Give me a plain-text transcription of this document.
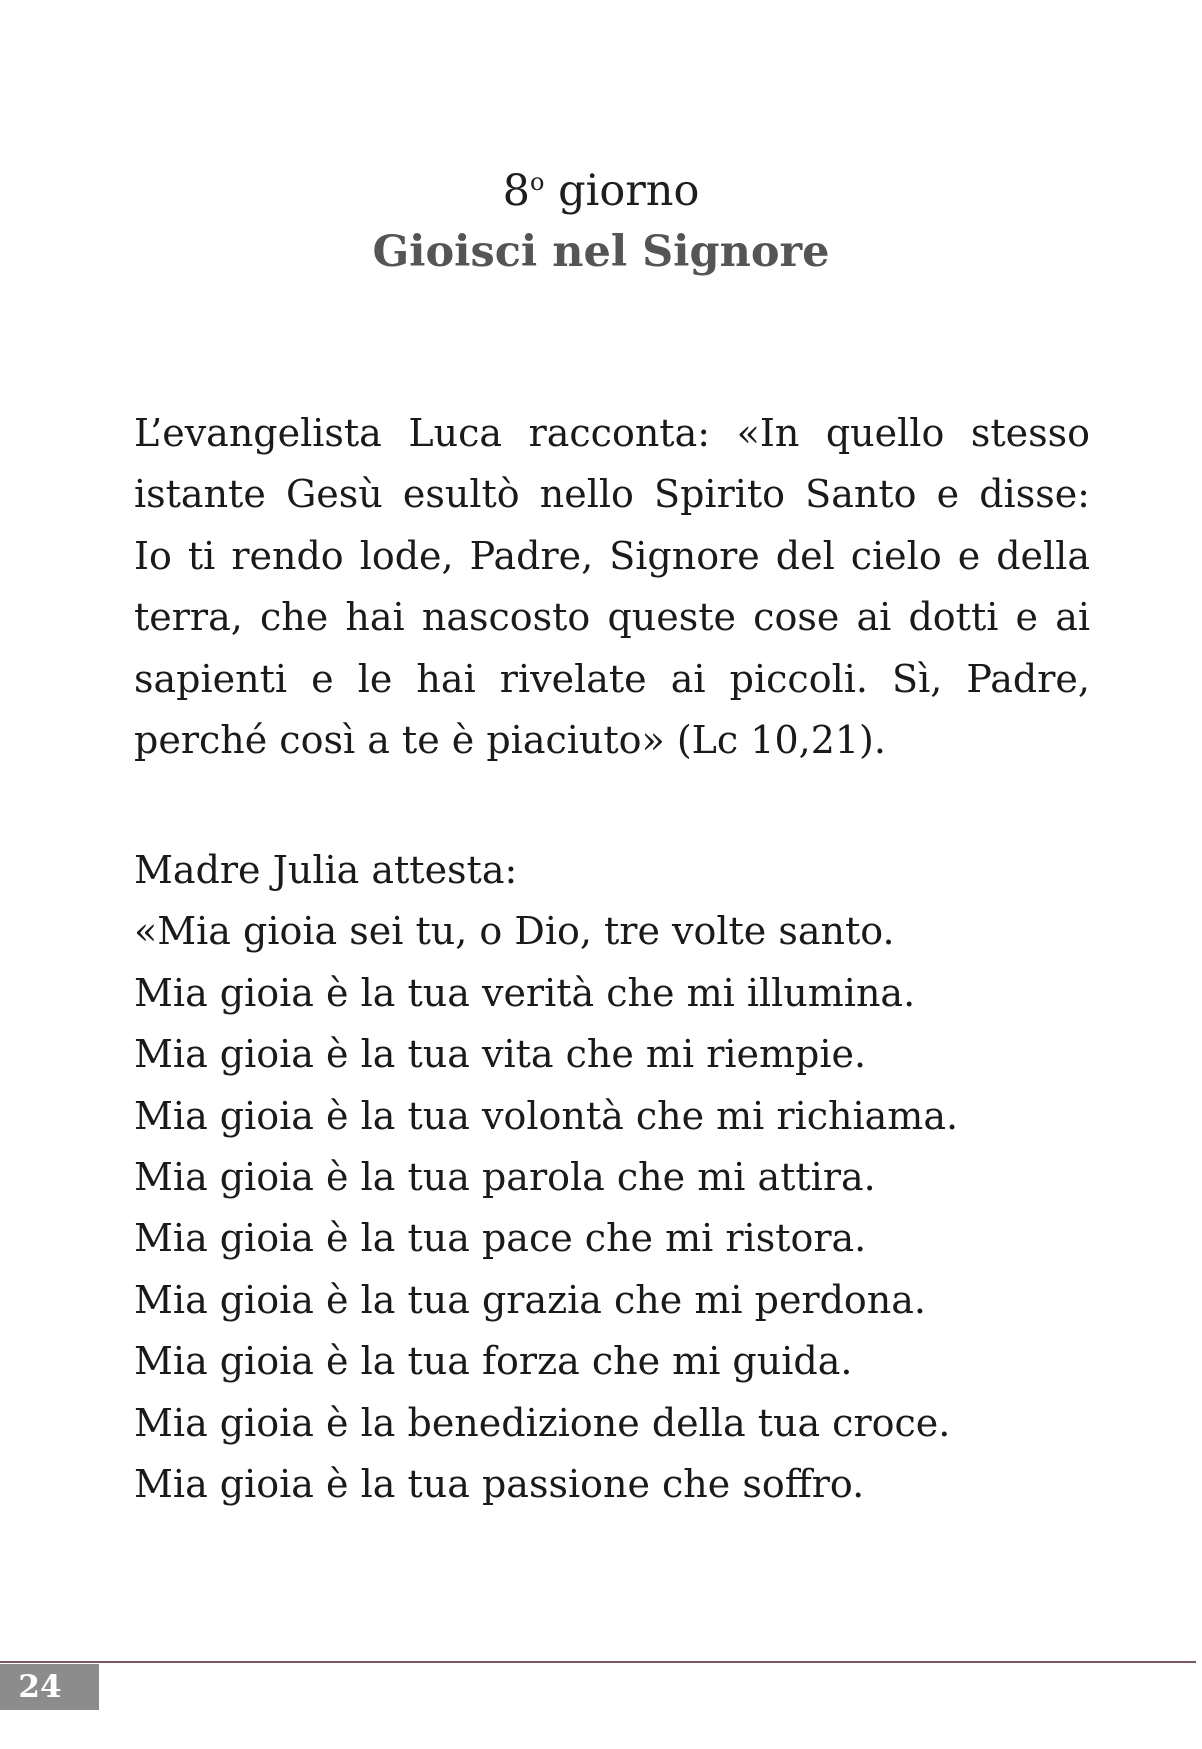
8$^o$ giorno
Gioisci nel Signore
L’evangelista Luca racconta: «In quello stesso
istante Gesù esultò nello Spirito Santo e disse:
Io ti rendo lode, Padre, Signore del cielo e della
terra, che hai nascosto queste cose ai dotti e ai
sapienti e le hai rivelate ai piccoli. Sì, Padre,
perché così a te è piaciuto» (Lc 10,21).
Madre Julia attesta:
«Mia gioia sei tu, o Dio, tre volte santo.
Mia gioia è la tua verità che mi illumina.
Mia gioia è la tua vita che mi riempie.
Mia gioia è la tua volontà che mi richiama.
Mia gioia è la tua parola che mi attira.
Mia gioia è la tua pace che mi ristora.
Mia gioia è la tua grazia che mi perdona.
Mia gioia è la tua forza che mi guida.
Mia gioia è la benedizione della tua croce.
Mia gioia è la tua passione che soffro.
24
